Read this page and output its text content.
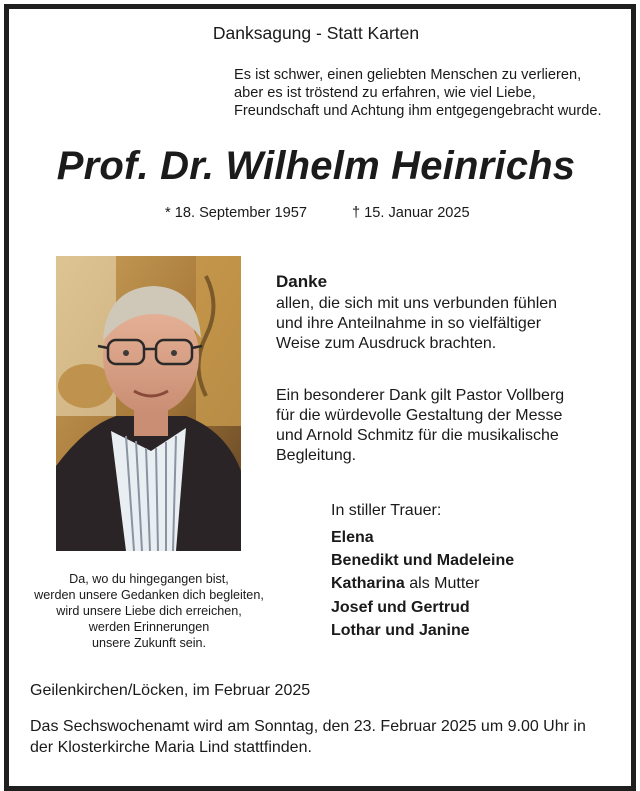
Danksagung - Statt Karten
Es ist schwer, einen geliebten Menschen zu verlieren,
aber es ist tröstend zu erfahren, wie viel Liebe,
Freundschaft und Achtung ihm entgegengebracht wurde.
Prof. Dr. Wilhelm Heinrichs
* 18. September 1957	† 15. Januar 2025
Da, wo du hingegangen bist,
werden unsere Gedanken dich begleiten,
wird unsere Liebe dich erreichen,
werden Erinnerungen
unsere Zukunft sein.
Danke
allen, die sich mit uns verbunden fühlen
und ihre Anteilnahme in so vielfältiger
Weise zum Ausdruck brachten.
Ein besonderer Dank gilt Pastor Vollberg
für die würdevolle Gestaltung der Messe
und Arnold Schmitz für die musikalische
Begleitung.
In stiller Trauer:
Elena
Benedikt und Madeleine
Katharina als Mutter
Josef und Gertrud
Lothar und Janine
Geilenkirchen/Löcken, im Februar 2025
Das Sechswochenamt wird am Sonntag, den 23. Februar 2025 um 9.00 Uhr in
der Klosterkirche Maria Lind stattfinden.
